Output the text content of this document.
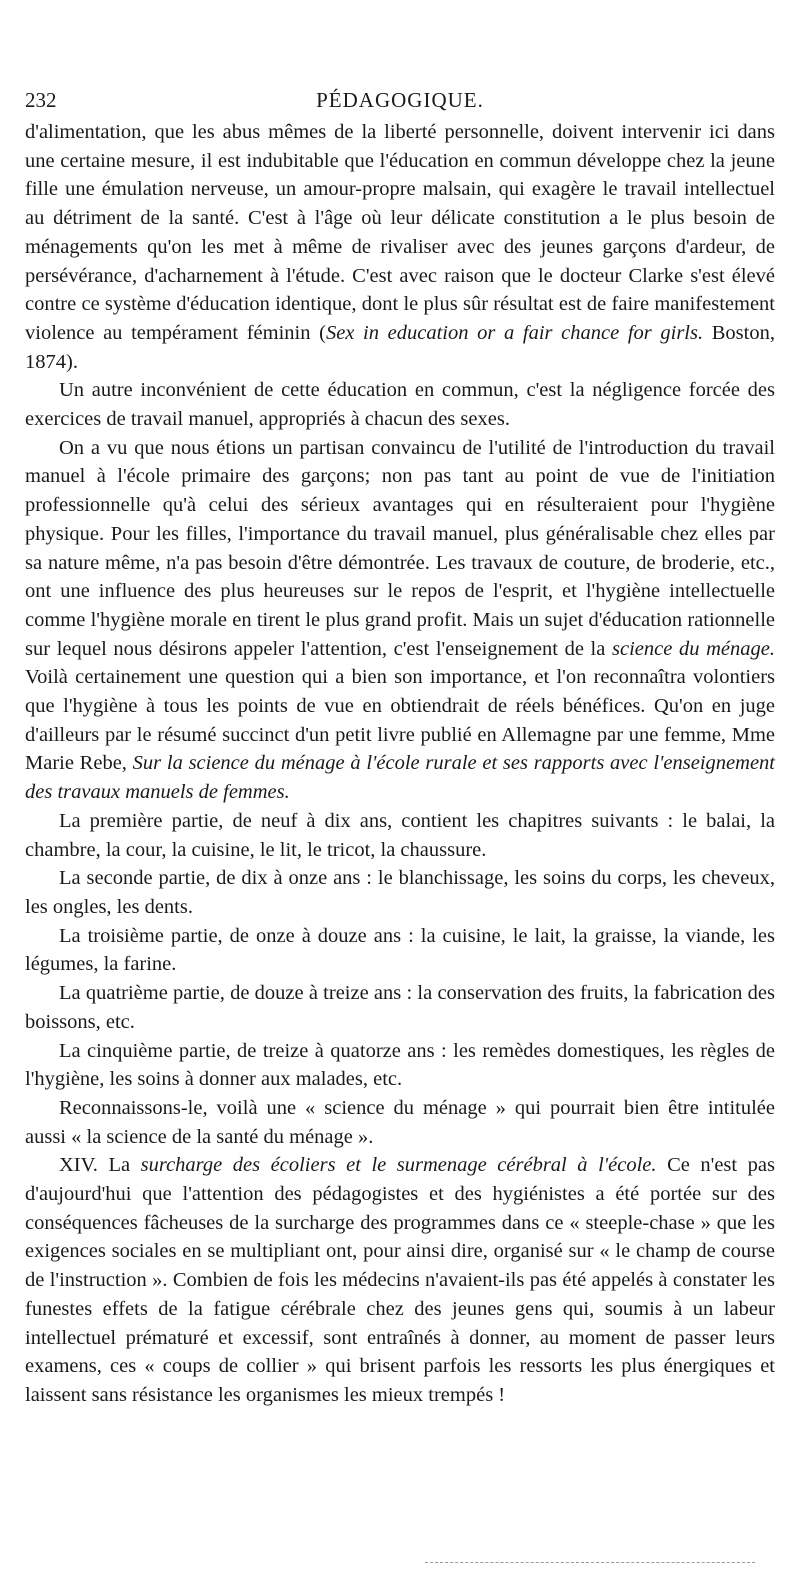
232	PÉDAGOGIQUE.

d'alimentation, que les abus mêmes de la liberté personnelle, doivent intervenir ici dans une certaine mesure, il est indubitable que l'éducation en commun développe chez la jeune fille une émulation nerveuse, un amour-propre malsain, qui exagère le travail intellectuel au détriment de la santé. C'est à l'âge où leur délicate constitution a le plus besoin de ménagements qu'on les met à même de rivaliser avec des jeunes garçons d'ardeur, de persévérance, d'acharnement à l'étude. C'est avec raison que le docteur Clarke s'est élevé contre ce système d'éducation identique, dont le plus sûr résultat est de faire manifestement violence au tempérament féminin (Sex in education or a fair chance for girls. Boston, 1874).

Un autre inconvénient de cette éducation en commun, c'est la négligence forcée des exercices de travail manuel, appropriés à chacun des sexes.

On a vu que nous étions un partisan convaincu de l'utilité de l'introduction du travail manuel à l'école primaire des garçons; non pas tant au point de vue de l'initiation professionnelle qu'à celui des sérieux avantages qui en résulteraient pour l'hygiène physique. Pour les filles, l'importance du travail manuel, plus généralisable chez elles par sa nature même, n'a pas besoin d'être démontrée. Les travaux de couture, de broderie, etc., ont une influence des plus heureuses sur le repos de l'esprit, et l'hygiène intellectuelle comme l'hygiène morale en tirent le plus grand profit. Mais un sujet d'éducation rationnelle sur lequel nous désirons appeler l'attention, c'est l'enseignement de la science du ménage. Voilà certainement une question qui a bien son importance, et l'on reconnaîtra volontiers que l'hygiène à tous les points de vue en obtiendrait de réels bénéfices. Qu'on en juge d'ailleurs par le résumé succinct d'un petit livre publié en Allemagne par une femme, Mme Marie Rebe, Sur la science du ménage à l'école rurale et ses rapports avec l'enseignement des travaux manuels de femmes.

La première partie, de neuf à dix ans, contient les chapitres suivants : le balai, la chambre, la cour, la cuisine, le lit, le tricot, la chaussure.

La seconde partie, de dix à onze ans : le blanchissage, les soins du corps, les cheveux, les ongles, les dents.

La troisième partie, de onze à douze ans : la cuisine, le lait, la graisse, la viande, les légumes, la farine.

La quatrième partie, de douze à treize ans : la conservation des fruits, la fabrication des boissons, etc.

La cinquième partie, de treize à quatorze ans : les remèdes domestiques, les règles de l'hygiène, les soins à donner aux malades, etc.

Reconnaissons-le, voilà une « science du ménage » qui pourrait bien être intitulée aussi « la science de la santé du ménage ».

XIV. La surcharge des écoliers et le surmenage cérébral à l'école. Ce n'est pas d'aujourd'hui que l'attention des pédagogistes et des hygiénistes a été portée sur des conséquences fâcheuses de la surcharge des programmes dans ce « steeple-chase » que les exigences sociales en se multipliant ont, pour ainsi dire, organisé sur « le champ de course de l'instruction ». Combien de fois les médecins n'avaient-ils pas été appelés à constater les funestes effets de la fatigue cérébrale chez des jeunes gens qui, soumis à un labeur intellectuel prématuré et excessif, sont entraînés à donner, au moment de passer leurs examens, ces « coups de collier » qui brisent parfois les ressorts les plus énergiques et laissent sans résistance les organismes les mieux trempés !
